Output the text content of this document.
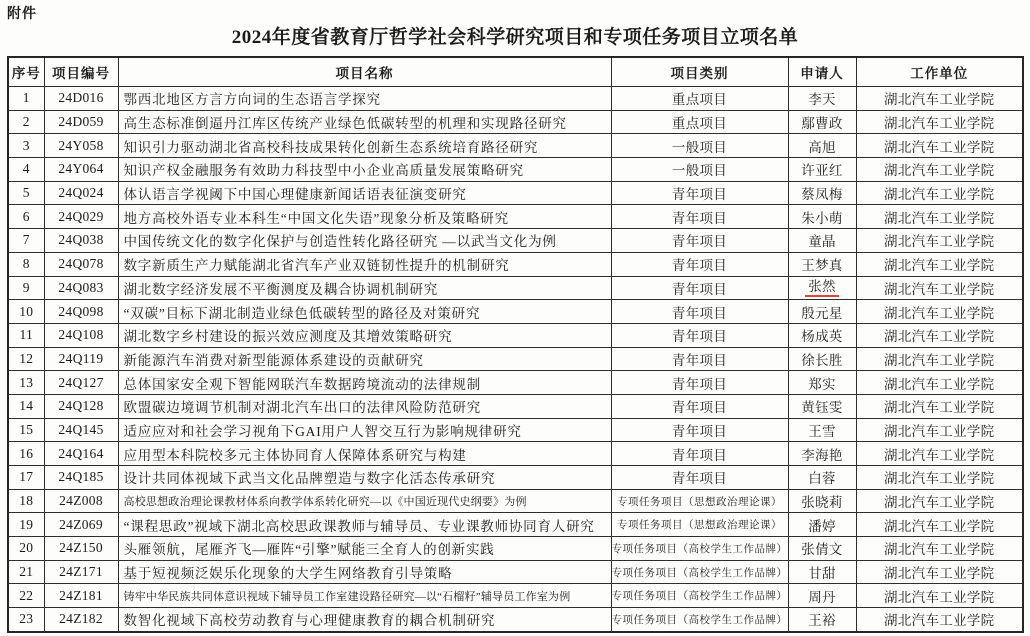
附件
2024年度省教育厅哲学社会科学研究项目和专项任务项目立项名单
序号	项目编号	项目名称	项目类别	申请人	工作单位
1	24D016	鄂西北地区方言方向词的生态语言学探究	重点项目	李天	湖北汽车工业学院
2	24D059	高生态标准倒逼丹江库区传统产业绿色低碳转型的机理和实现路径研究	重点项目	鄢曹政	湖北汽车工业学院
3	24Y058	知识引力驱动湖北省高校科技成果转化创新生态系统培育路径研究	一般项目	高旭	湖北汽车工业学院
4	24Y064	知识产权金融服务有效助力科技型中小企业高质量发展策略研究	一般项目	许亚红	湖北汽车工业学院
5	24Q024	体认语言学视阈下中国心理健康新闻话语表征演变研究	青年项目	蔡凤梅	湖北汽车工业学院
6	24Q029	地方高校外语专业本科生“中国文化失语”现象分析及策略研究	青年项目	朱小萌	湖北汽车工业学院
7	24Q038	中国传统文化的数字化保护与创造性转化路径研究 —以武当文化为例	青年项目	童晶	湖北汽车工业学院
8	24Q078	数字新质生产力赋能湖北省汽车产业双链韧性提升的机制研究	青年项目	王梦真	湖北汽车工业学院
9	24Q083	湖北数字经济发展不平衡测度及耦合协调机制研究	青年项目	张然	湖北汽车工业学院
10	24Q098	“双碳”目标下湖北制造业绿色低碳转型的路径及对策研究	青年项目	殷元星	湖北汽车工业学院
11	24Q108	湖北数字乡村建设的振兴效应测度及其增效策略研究	青年项目	杨成英	湖北汽车工业学院
12	24Q119	新能源汽车消费对新型能源体系建设的贡献研究	青年项目	徐长胜	湖北汽车工业学院
13	24Q127	总体国家安全观下智能网联汽车数据跨境流动的法律规制	青年项目	郑实	湖北汽车工业学院
14	24Q128	欧盟碳边境调节机制对湖北汽车出口的法律风险防范研究	青年项目	黄钰雯	湖北汽车工业学院
15	24Q145	适应应对和社会学习视角下GAI用户人智交互行为影响规律研究	青年项目	王雪	湖北汽车工业学院
16	24Q164	应用型本科院校多元主体协同育人保障体系研究与构建	青年项目	李海艳	湖北汽车工业学院
17	24Q185	设计共同体视域下武当文化品牌塑造与数字化活态传承研究	青年项目	白蓉	湖北汽车工业学院
18	24Z008	高校思想政治理论课教材体系向教学体系转化研究—以《中国近现代史纲要》为例	专项任务项目（思想政治理论课）	张晓莉	湖北汽车工业学院
19	24Z069	“课程思政”视域下湖北高校思政课教师与辅导员、专业课教师协同育人研究	专项任务项目（思想政治理论课）	潘婷	湖北汽车工业学院
20	24Z150	头雁领航，尾雁齐飞—雁阵“引擎”赋能三全育人的创新实践	专项任务项目（高校学生工作品牌）	张倩文	湖北汽车工业学院
21	24Z171	基于短视频泛娱乐化现象的大学生网络教育引导策略	专项任务项目（高校学生工作品牌）	甘甜	湖北汽车工业学院
22	24Z181	铸牢中华民族共同体意识视域下辅导员工作室建设路径研究—以“石榴籽”辅导员工作室为例	专项任务项目（高校学生工作品牌）	周丹	湖北汽车工业学院
23	24Z182	数智化视域下高校劳动教育与心理健康教育的耦合机制研究	专项任务项目（高校学生工作品牌）	王裕	湖北汽车工业学院
